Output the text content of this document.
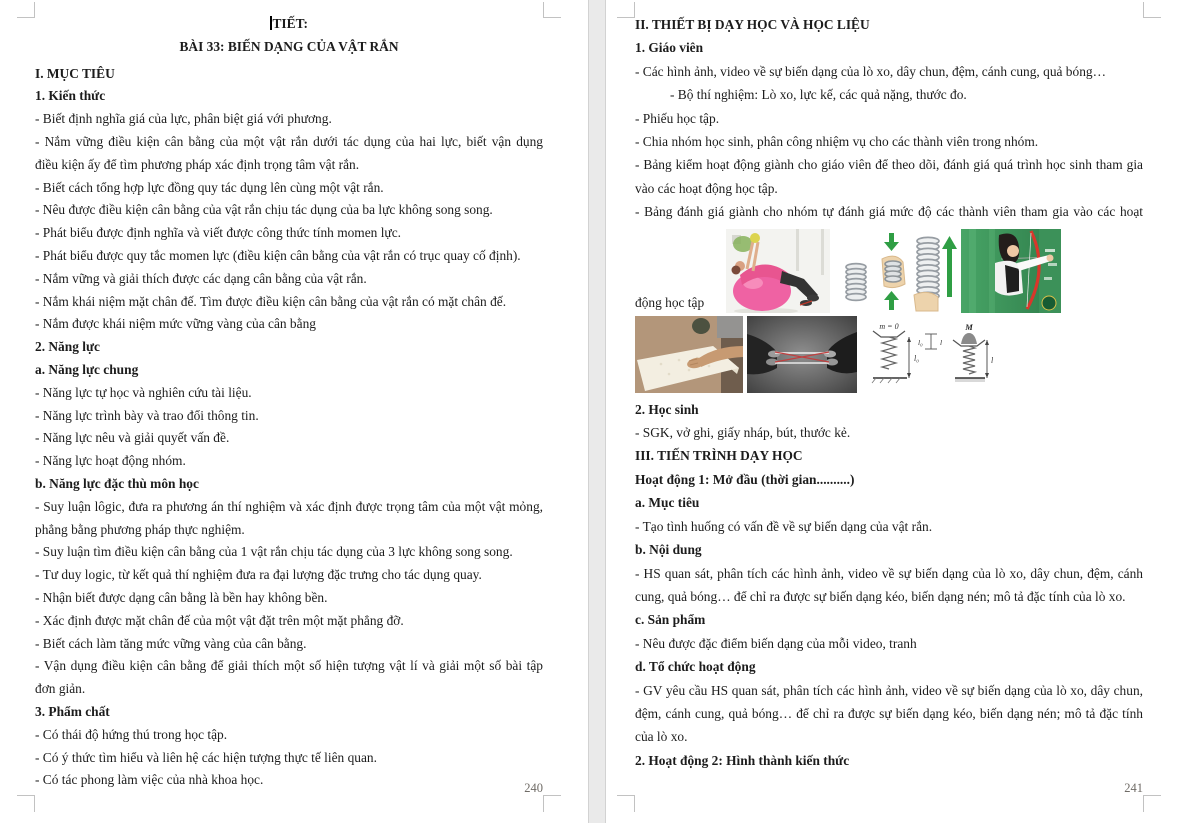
TIẾT:

BÀI 33: BIẾN DẠNG CỦA VẬT RẮN

I. MỤC TIÊU

1. Kiến thức

- Biết định nghĩa giá của lực, phân biệt giá với phương.

- Nắm vững điều kiện cân bằng của một vật rắn dưới tác dụng của hai lực, biết vận dụng

điều kiện ấy để tìm phương pháp xác định trọng tâm vật rắn.

- Biết cách tổng hợp lực đồng quy tác dụng lên cùng một vật rắn.

- Nêu được điều kiện cân bằng của vật rắn chịu tác dụng của ba lực không song song.

- Phát biểu được định nghĩa và viết được công thức tính momen lực.

- Phát biểu được quy tắc momen lực (điều kiện cân bằng của vật rắn có trục quay cố định).

- Nắm vững và giải thích được các dạng cân bằng của vật rắn.

- Nắm khái niệm mặt chân đế. Tìm được điều kiện cân bằng của vật rắn có mặt chân đế.

- Nắm được khái niệm mức vững vàng của cân bằng

2. Năng lực

a. Năng lực chung

- Năng lực tự học và nghiên cứu tài liệu.

- Năng lực trình bày và trao đổi thông tin.

- Năng lực nêu và giải quyết vấn đề.

- Năng lực hoạt động nhóm.

b. Năng lực đặc thù môn học

- Suy luận lôgic, đưa ra phương án thí nghiệm và xác định được trọng tâm của một vật mỏng,

phẳng bằng phương pháp thực nghiệm.

- Suy luận tìm điều kiện cân bằng của 1 vật rắn chịu tác dụng của 3 lực không song song.

- Tư duy logic, từ kết quả thí nghiệm đưa ra đại lượng đặc trưng cho tác dụng quay.

- Nhận biết được dạng cân bằng là bền hay không bền.

- Xác định được mặt chân đế của một vật đặt trên một mặt phẳng đỡ.

- Biết cách làm tăng mức vững vàng của cân bằng.

- Vận dụng điều kiện cân bằng để giải thích một số hiện tượng vật lí và giải một số bài tập

đơn giản.

3. Phẩm chất

- Có thái độ hứng thú trong học tập.

- Có ý thức tìm hiểu và liên hệ các hiện tượng thực tế liên quan.

- Có tác phong làm việc của nhà khoa học.

240

II. THIẾT BỊ DẠY HỌC VÀ HỌC LIỆU

1. Giáo viên

- Các hình ảnh, video về sự biến dạng của lò xo, dây chun, đệm, cánh cung, quả bóng…

- Bộ thí nghiệm: Lò xo, lực kế, các quả nặng, thước đo.

- Phiếu học tập.

- Chia nhóm học sinh, phân công nhiệm vụ cho các thành viên trong nhóm.

- Bảng kiểm hoạt động giành cho giáo viên để theo dõi, đánh giá quá trình học sinh tham gia

vào các hoạt động học tập.

- Bảng đánh giá giành cho nhóm tự đánh giá mức độ các thành viên tham gia vào các hoạt

động học tập
m = 0
l₀
l₀ l
M
l

2. Học sinh

- SGK, vở ghi, giấy nháp, bút, thước kẻ.

III. TIẾN TRÌNH DẠY HỌC

Hoạt động 1: Mở đầu (thời gian..........)

a. Mục tiêu

- Tạo tình huống có vấn đề về sự biến dạng của vật rắn.

b. Nội dung

- HS quan sát, phân tích các hình ảnh, video về sự biến dạng của lò xo, dây chun, đệm, cánh

cung, quả bóng… để chỉ ra được sự biến dạng kéo, biến dạng nén; mô tả đặc tính của lò xo.

c. Sản phẩm

- Nêu được đặc điểm biến dạng của mỗi video, tranh

d. Tổ chức hoạt động

- GV yêu cầu HS quan sát, phân tích các hình ảnh, video về sự biến dạng của lò xo, dây chun,

đệm, cánh cung, quả bóng… để chỉ ra được sự biến dạng kéo, biến dạng nén; mô tả đặc tính

của lò xo.

2. Hoạt động 2: Hình thành kiến thức

241
